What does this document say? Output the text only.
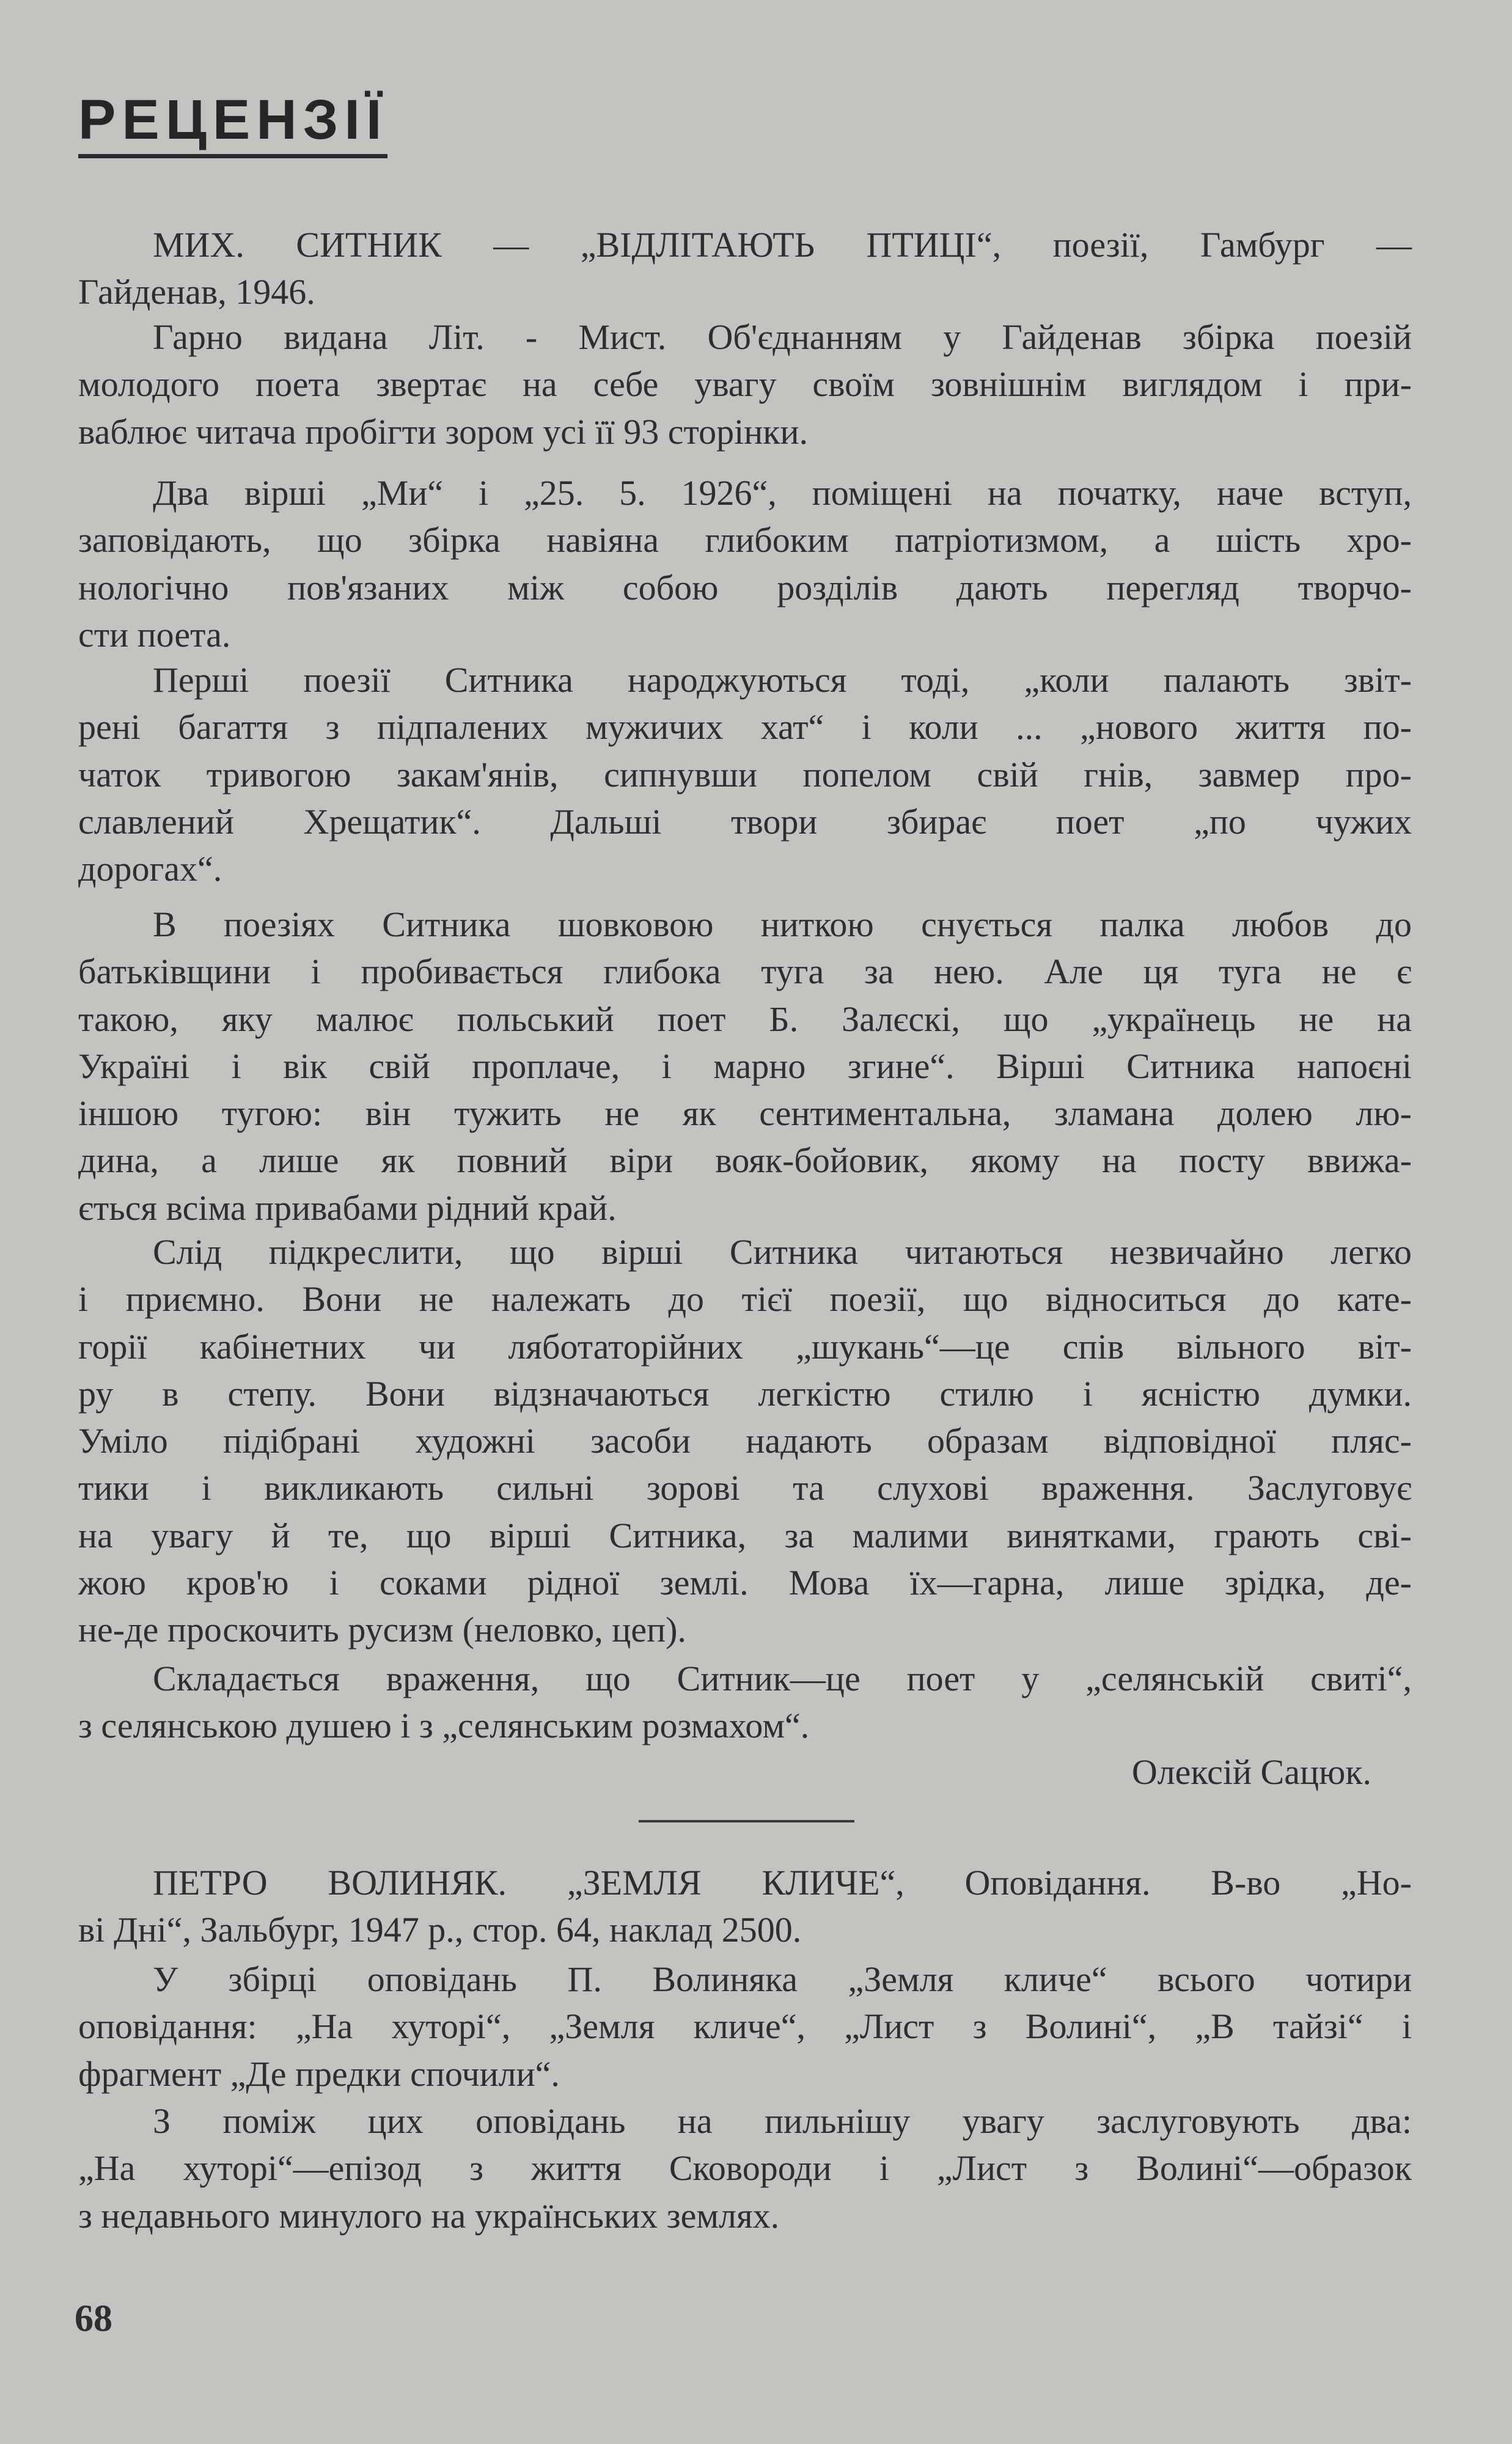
РЕЦЕНЗІЇ
МИХ. СИТНИК — „ВІДЛІТАЮТЬ ПТИЦІ“, поезії, Гамбург —
Гайденав, 1946.
Гарно видана Літ. - Мист. Об'єднанням у Гайденав збірка поезій
молодого поета звертає на себе увагу своїм зовнішнім виглядом і при-
ваблює читача пробігти зором усі її 93 сторінки.
Два вірші „Ми“ і „25. 5. 1926“, поміщені на початку, наче вступ,
заповідають, що збірка навіяна глибоким патріотизмом, а шість хро-
нологічно пов'язаних між собою розділів дають перегляд творчо-
сти поета.
Перші поезії Ситника народжуються тоді, „коли палають звіт-
рені багаття з підпалених мужичих хат“ і коли ... „нового життя по-
чаток тривогою закам'янів, сипнувши попелом свій гнів, завмер про-
славлений Хрещатик“. Дальші твори збирає поет „по чужих
дорогах“.
В поезіях Ситника шовковою ниткою снується палка любов до
батьківщини і пробивається глибока туга за нею. Але ця туга не є
такою, яку малює польський поет Б. Залєскі, що „українець не на
Україні і вік свій проплаче, і марно згине“. Вірші Ситника напоєні
іншою тугою: він тужить не як сентиментальна, зламана долею лю-
дина, а лише як повний віри вояк-бойовик, якому на посту ввижа-
ється всіма привабами рідний край.
Слід підкреслити, що вірші Ситника читаються незвичайно легко
і приємно. Вони не належать до тієї поезії, що відноситься до кате-
горії кабінетних чи ляботаторійних „шукань“—це спів вільного віт-
ру в степу. Вони відзначаються легкістю стилю і ясністю думки.
Уміло підібрані художні засоби надають образам відповідної пляс-
тики і викликають сильні зорові та слухові враження. Заслуговує
на увагу й те, що вірші Ситника, за малими винятками, грають сві-
жою кров'ю і соками рідної землі. Мова їх—гарна, лише зрідка, де-
не-де проскочить русизм (неловко, цеп).
Складається враження, що Ситник—це поет у „селянській свиті“,
з селянською душею і з „селянським розмахом“.
Олексій Сацюк.
ПЕТРО ВОЛИНЯК. „ЗЕМЛЯ КЛИЧЕ“, Оповідання. В-во „Но-
ві Дні“, Зальбург, 1947 р., стор. 64, наклад 2500.
У збірці оповідань П. Волиняка „Земля кличе“ всього чотири
оповідання: „На хуторі“, „Земля кличе“, „Лист з Волині“, „В тайзі“ і
фрагмент „Де предки спочили“.
З поміж цих оповідань на пильнішу увагу заслуговують два:
„На хуторі“—епізод з життя Сковороди і „Лист з Волині“—образок
з недавнього минулого на українських землях.
68
